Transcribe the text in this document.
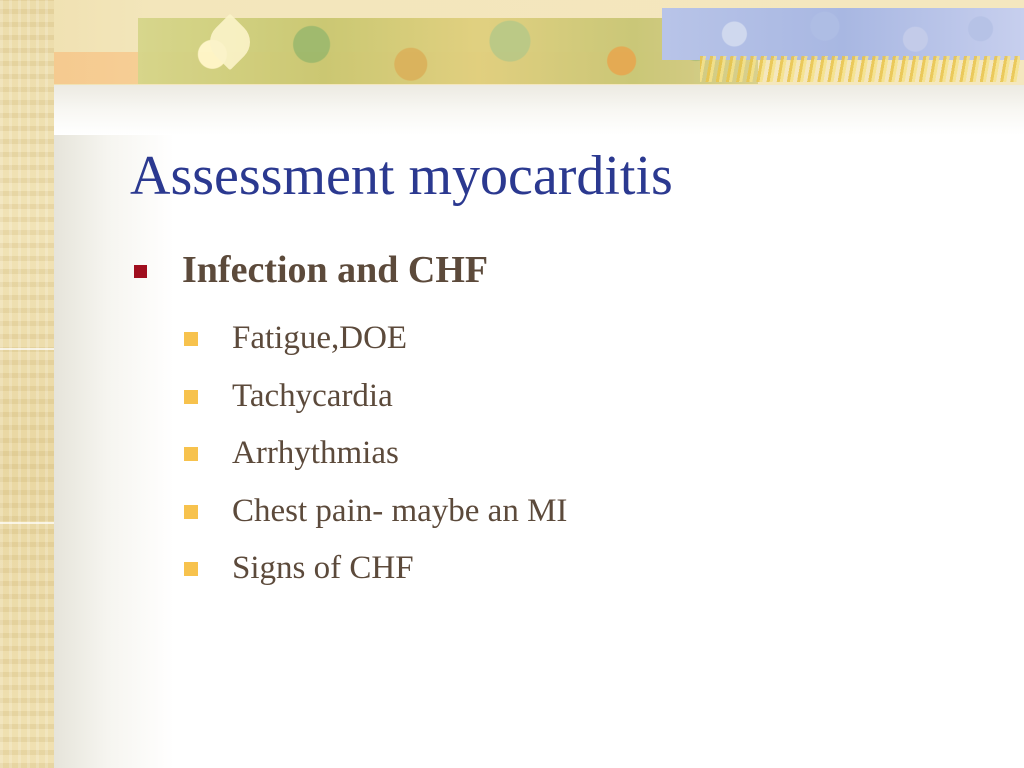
Assessment myocarditis
Infection and CHF
Fatigue,DOE
Tachycardia
Arrhythmias
Chest pain- maybe an MI
Signs of CHF
